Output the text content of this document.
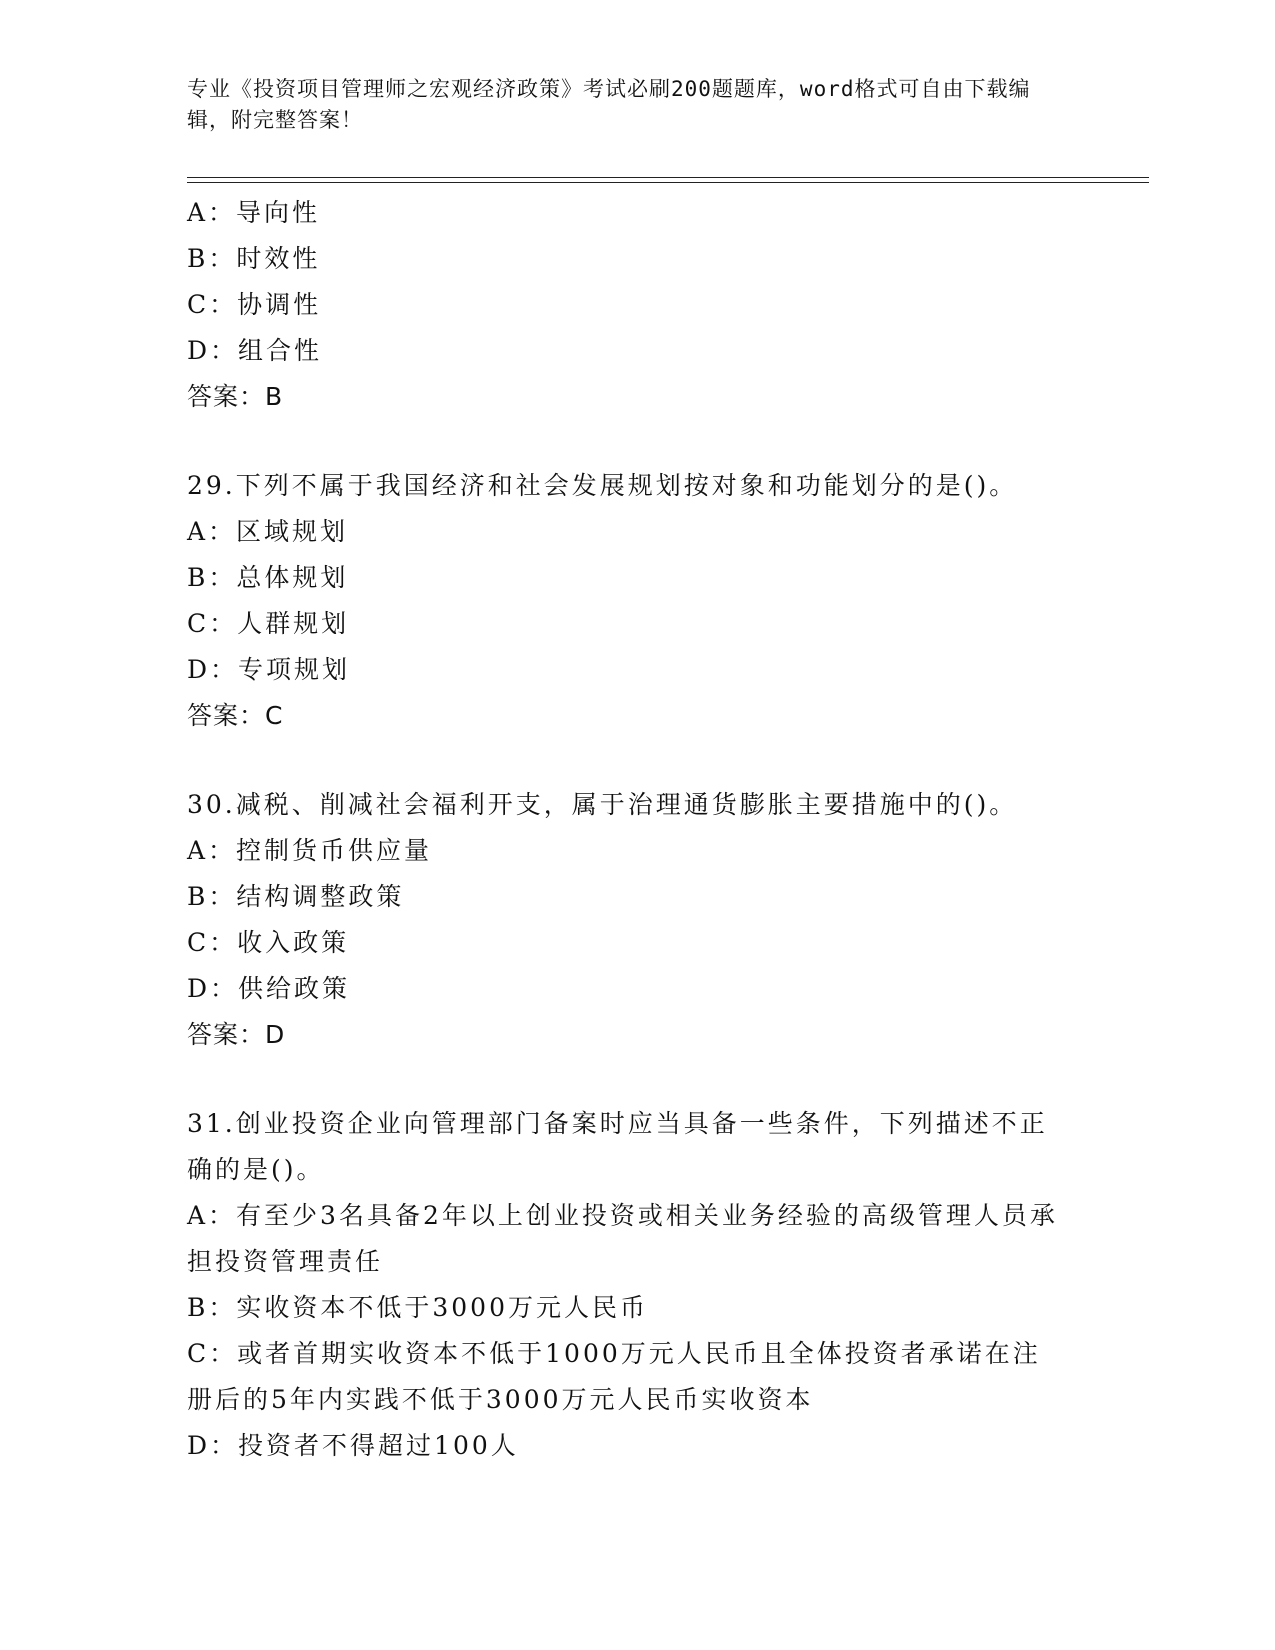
专业《投资项目管理师之宏观经济政策》考试必刷200题题库，word格式可自由下载编辑，附完整答案！
A：导向性
B：时效性
C：协调性
D：组合性
答案：B
29.下列不属于我国经济和社会发展规划按对象和功能划分的是()。
A：区域规划
B：总体规划
C：人群规划
D：专项规划
答案：C
30.减税、削减社会福利开支，属于治理通货膨胀主要措施中的()。
A：控制货币供应量
B：结构调整政策
C：收入政策
D：供给政策
答案：D
31.创业投资企业向管理部门备案时应当具备一些条件，下列描述不正确的是()。
A：有至少3名具备2年以上创业投资或相关业务经验的高级管理人员承担投资管理责任
B：实收资本不低于3000万元人民币
C：或者首期实收资本不低于1000万元人民币且全体投资者承诺在注册后的5年内实践不低于3000万元人民币实收资本
D：投资者不得超过100人
